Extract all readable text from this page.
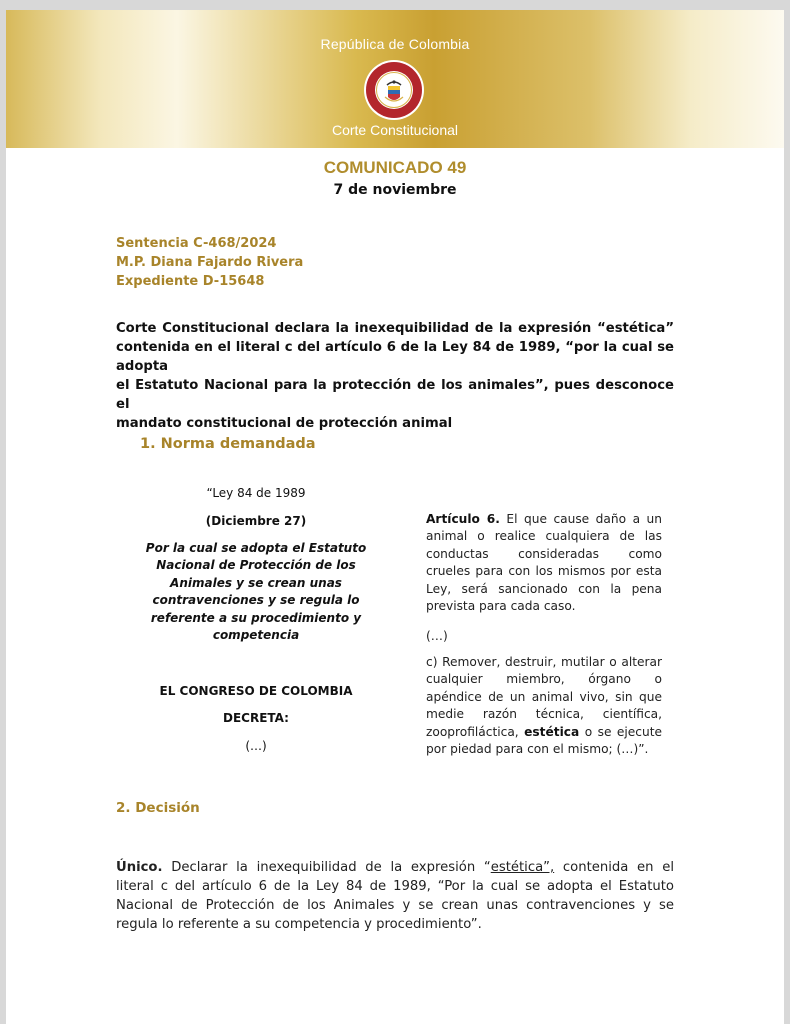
República de Colombia
Corte Constitucional
COMUNICADO 49
7 de noviembre
Sentencia C-468/2024
M.P. Diana Fajardo Rivera
Expediente D-15648
Corte Constitucional declara la inexequibilidad de la expresión “estética”
contenida en el literal c del artículo 6 de la Ley 84 de 1989, “por la cual se adopta
el Estatuto Nacional para la protección de los animales”, pues desconoce el
mandato constitucional de protección animal
1. Norma demandada
“Ley 84 de 1989
(Diciembre 27)
Por la cual se adopta el Estatuto
Nacional de Protección de los
Animales y se crean unas
contravenciones y se regula lo
referente a su procedimiento y
competencia
EL CONGRESO DE COLOMBIA
DECRETA:
(…)
Artículo 6. El que cause daño a un
animal o realice cualquiera de las
conductas consideradas como
crueles para con los mismos por esta
Ley, será sancionado con la pena
prevista para cada caso.
(…)
c) Remover, destruir, mutilar o alterar
cualquier miembro, órgano o
apéndice de un animal vivo, sin que
medie razón técnica, científica,
zooprofiláctica, estética o se ejecute
por piedad para con el mismo; (…)”.
2. Decisión
Único. Declarar la inexequibilidad de la expresión “estética”, contenida en el
literal c del artículo 6 de la Ley 84 de 1989, “Por la cual se adopta el Estatuto
Nacional de Protección de los Animales y se crean unas contravenciones y se
regula lo referente a su competencia y procedimiento”.
